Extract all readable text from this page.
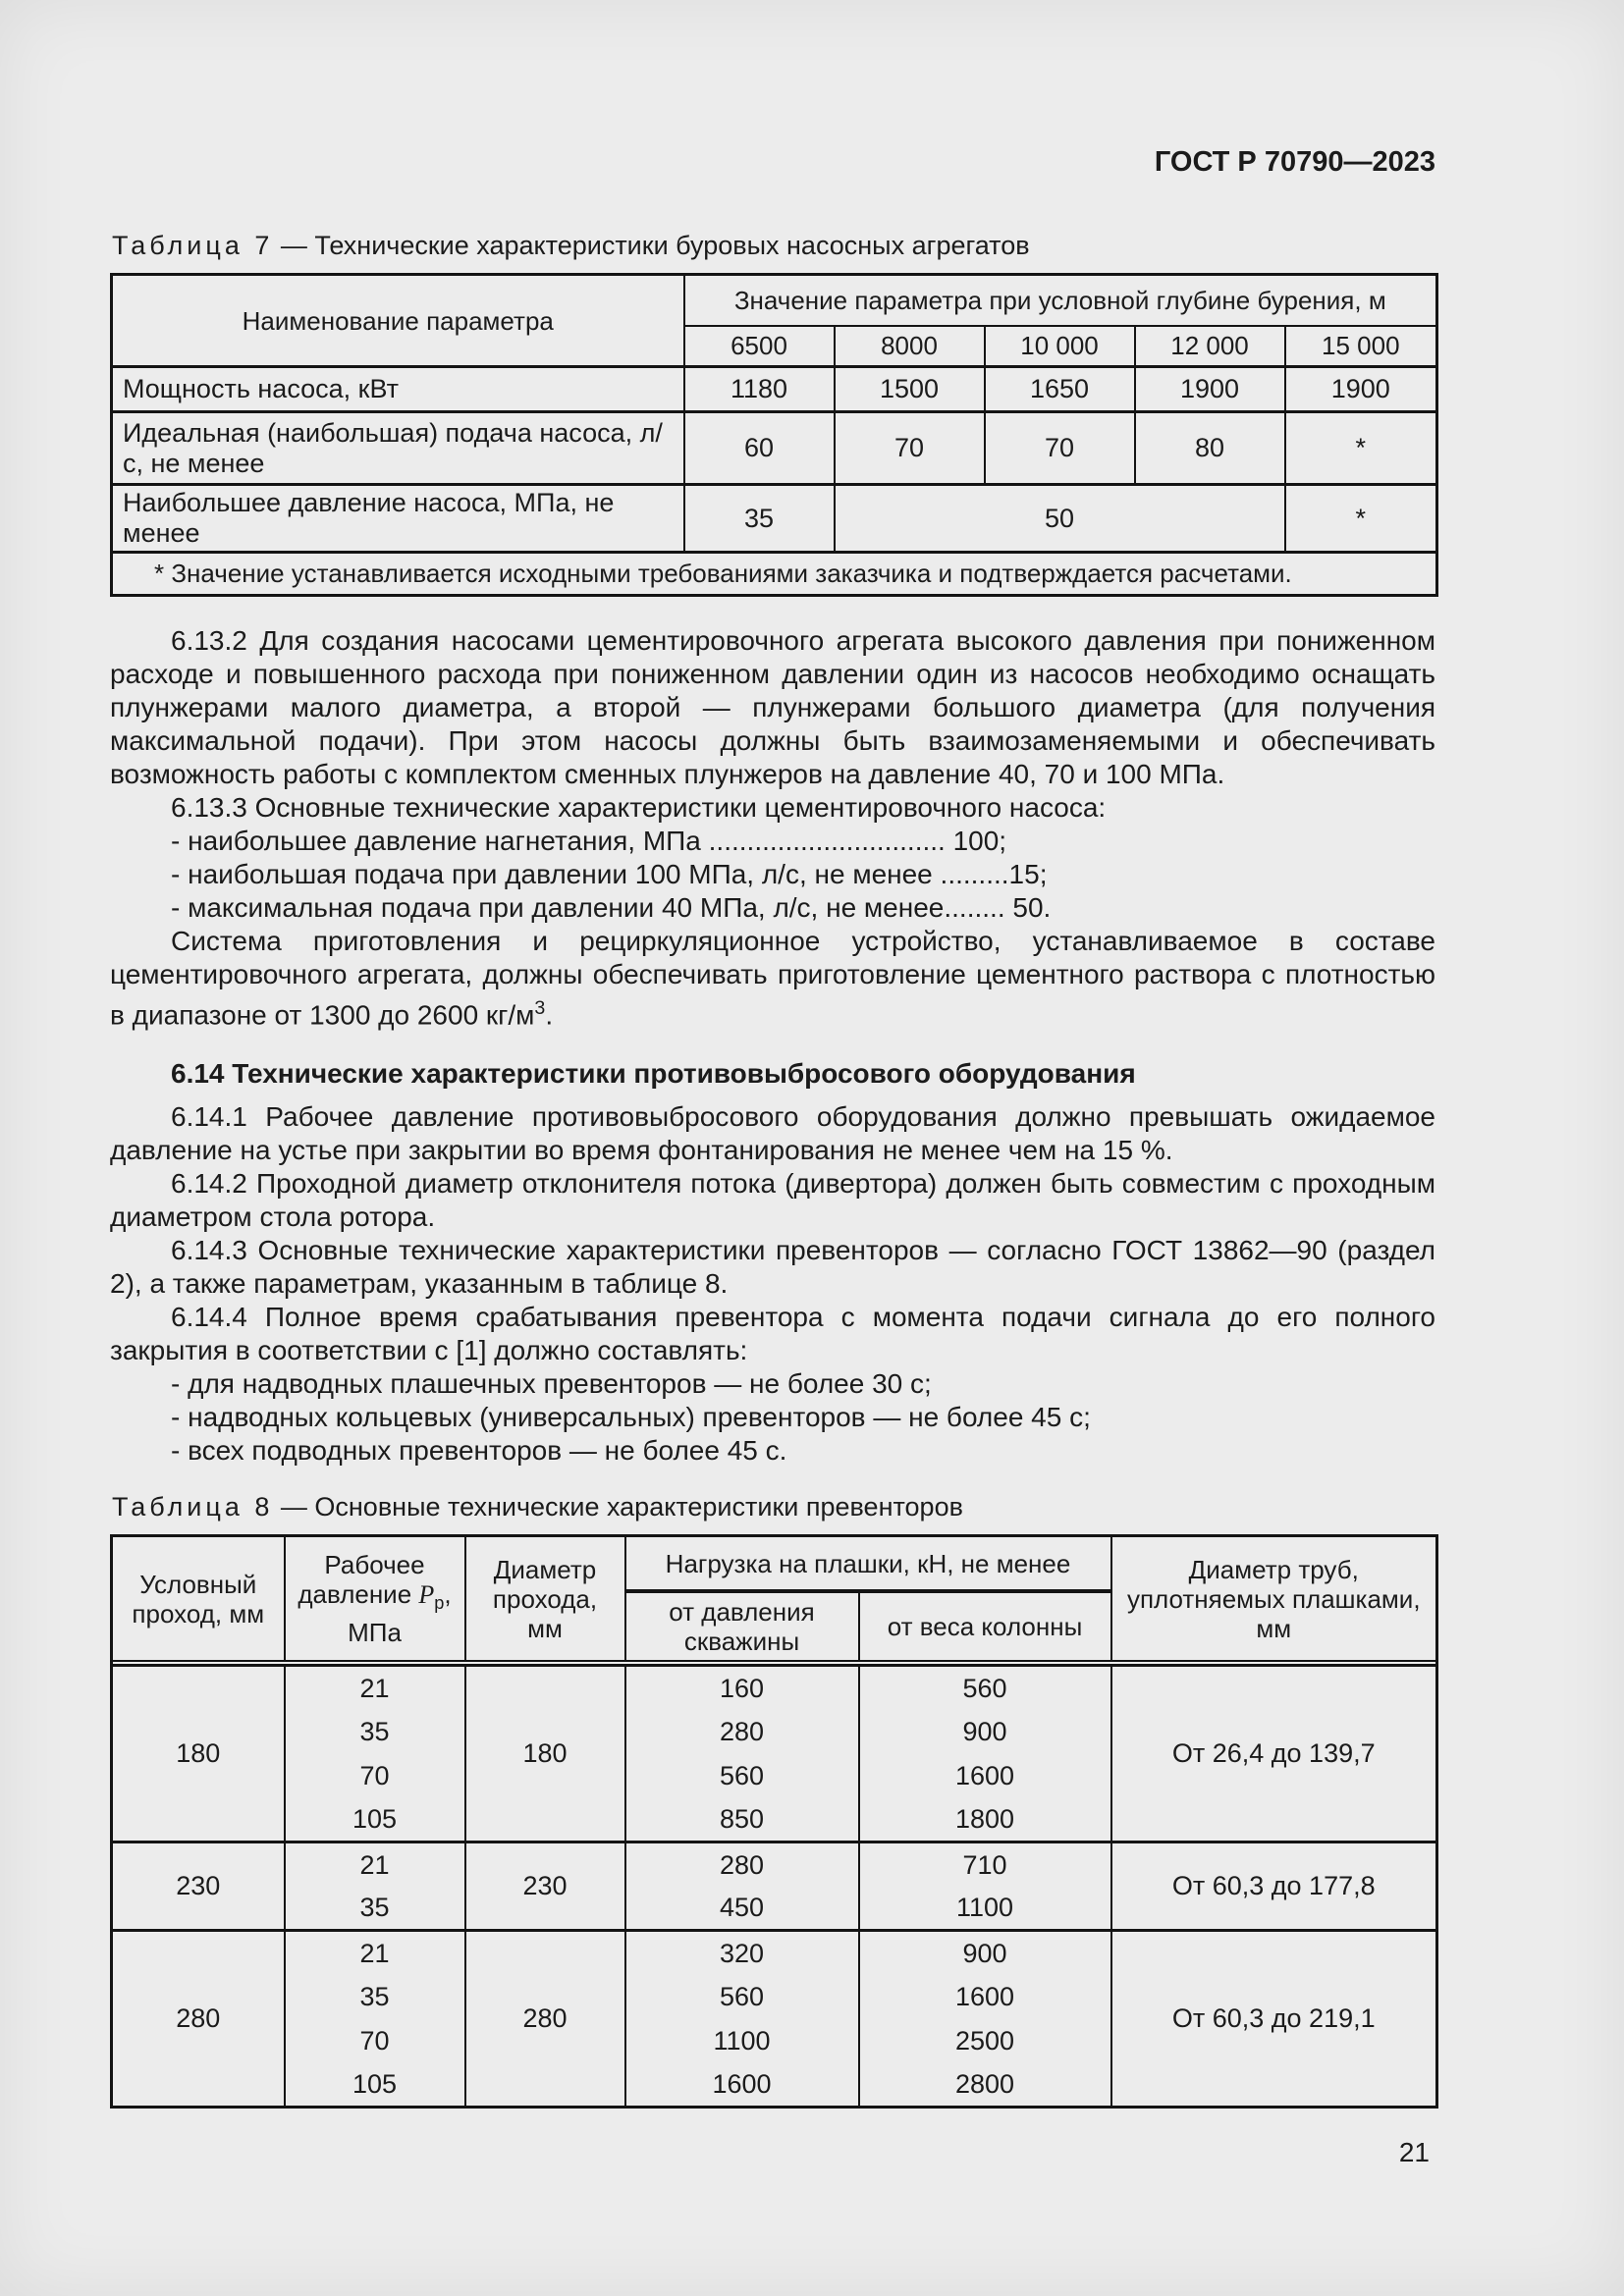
ГОСТ Р 70790—2023
Таблица 7 — Технические характеристики буровых насосных агрегатов
Наименование параметра	Значение параметра при условной глубине бурения, м				
	6500	8000	10 000	12 000	15 000
Мощность насоса, кВт	1180	1500	1650	1900	1900
Идеальная (наибольшая) подача насоса, л/с, не менее	60	70	70	80	*
Наибольшее давление насоса, МПа, не менее	35	50			*
* Значение устанавливается исходными требованиями заказчика и подтверждается расчетами.					

6.13.2 Для создания насосами цементировочного агрегата высокого давления при пониженном расходе и повышенного расхода при пониженном давлении один из насосов необходимо оснащать плунжерами малого диаметра, а второй — плунжерами большого диаметра (для получения максимальной подачи). При этом насосы должны быть взаимозаменяемыми и обеспечивать возможность работы с комплектом сменных плунжеров на давление 40, 70 и 100 МПа.

6.13.3 Основные технические характеристики цементировочного насоса:

- наибольшее давление нагнетания, МПа ............................... 100;

- наибольшая подача при давлении 100 МПа, л/с, не менее .........15;

- максимальная подача при давлении 40 МПа, л/с, не менее........ 50.

Система приготовления и рециркуляционное устройство, устанавливаемое в составе цементировочного агрегата, должны обеспечивать приготовление цементного раствора с плотностью в диапазоне от 1300 до 2600 $кг/м^3$.

6.14 Технические характеристики противовыбросового оборудования

6.14.1 Рабочее давление противовыбросового оборудования должно превышать ожидаемое давление на устье при закрытии во время фонтанирования не менее чем на 15 %.

6.14.2 Проходной диаметр отклонителя потока (дивертора) должен быть совместим с проходным диаметром стола ротора.

6.14.3 Основные технические характеристики превенторов — согласно ГОСТ 13862—90 (раздел 2), а также параметрам, указанным в таблице 8.

6.14.4 Полное время срабатывания превентора с момента подачи сигнала до его полного закрытия в соответствии с [1] должно составлять:

- для надводных плашечных превенторов — не более 30 с;

- надводных кольцевых (универсальных) превенторов — не более 45 с;

- всех подводных превенторов — не более 45 с.

Таблица 8 — Основные технические характеристики превенторов
Условный проход, мм	Рабочее давление $P_р$, МПа	Диаметр прохода, мм	Нагрузка на плашки, кН, не менее		Диаметр труб, уплотняемых плашками, мм
			от давления скважины	от веса колонны	

180	21	180	160	560	От 26,4 до 139,7
	35		280	900	
	70		560	1600	
	105		850	1800	
230	21	230	280	710	От 60,3 до 177,8
	35		450	1100	
280	21	280	320	900	От 60,3 до 219,1
	35		560	1600	
	70		1100	2500	
	105		1600	2800	
21
